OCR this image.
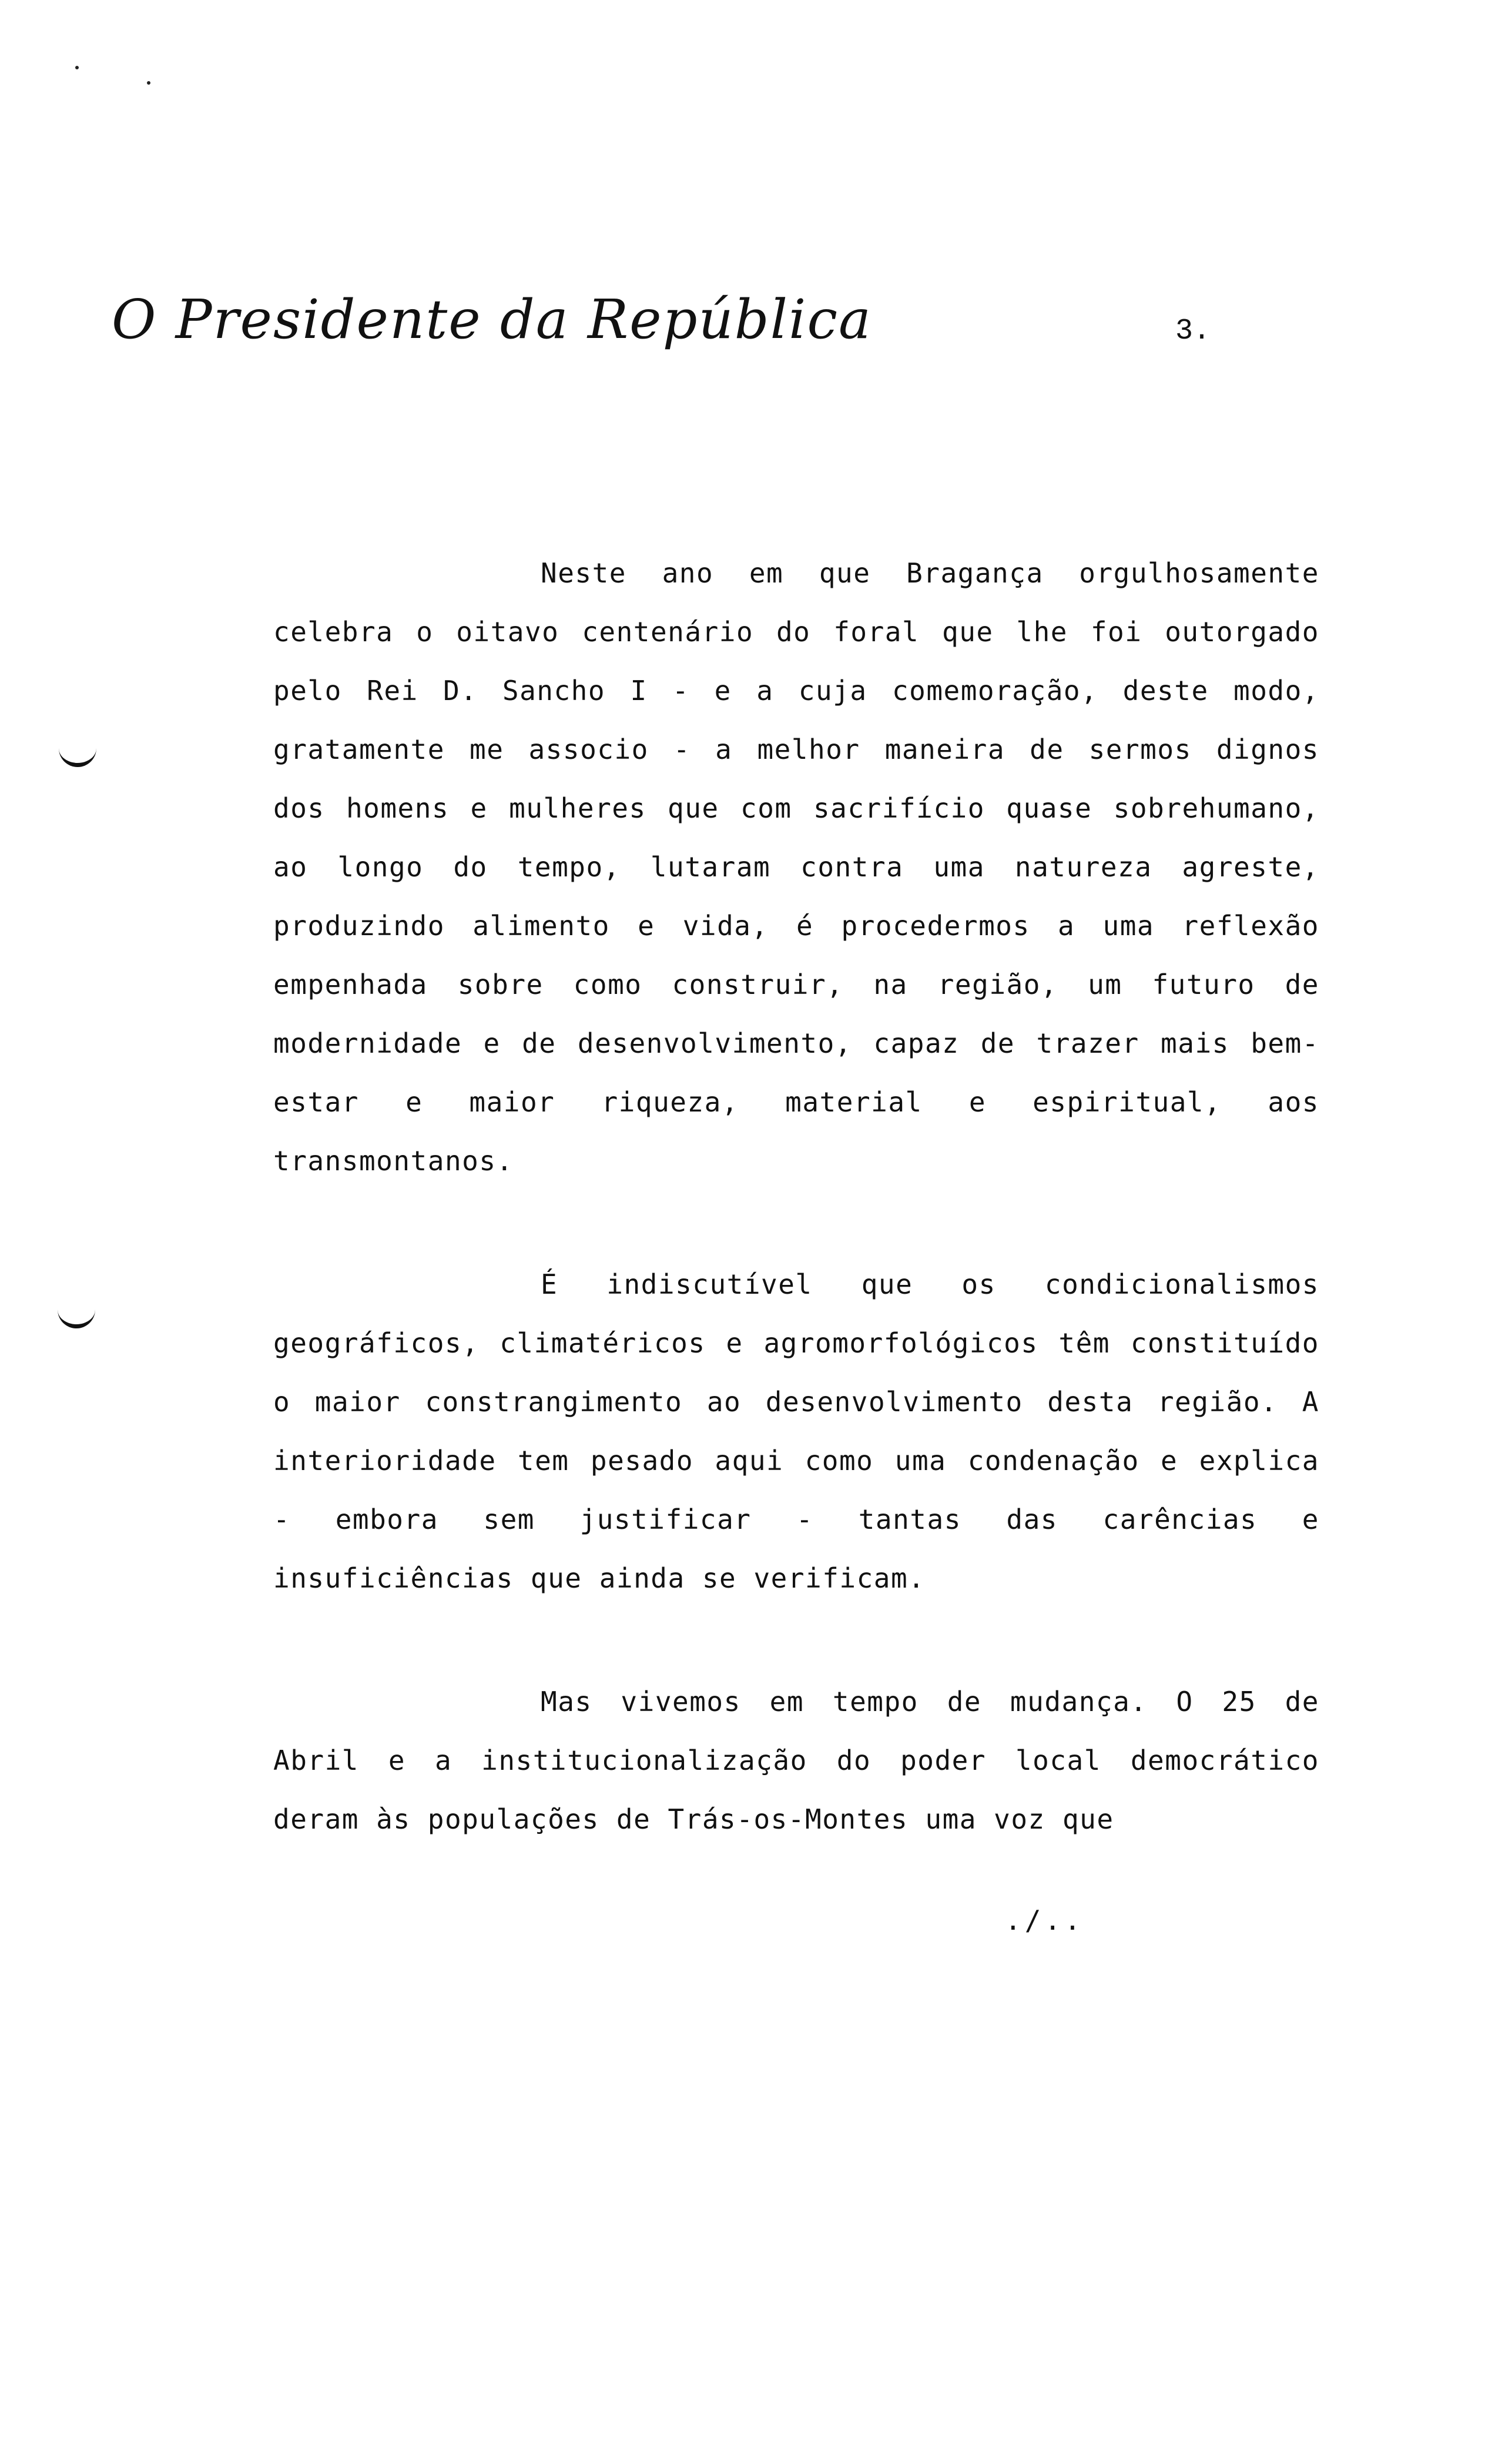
O Presidente da República	3.

Neste ano em que Bragança orgulhosamente celebra o oitavo centenário do foral que lhe foi outorgado pelo Rei D. Sancho I - e a cuja comemoração, deste modo, gratamente me associo - a melhor maneira de sermos dignos dos homens e mulheres que com sacrifício quase sobrehumano, ao longo do tempo, lutaram contra uma natureza agreste, produzindo alimento e vida, é procedermos a uma reflexão empenhada sobre como construir, na região, um futuro de modernidade e de desenvolvimento, capaz de trazer mais bem-estar e maior riqueza, material e espiritual, aos transmontanos.

É indiscutível que os condicionalismos geográficos, climatéricos e agromorfológicos têm constituído o maior constrangimento ao desenvolvimento desta região. A interioridade tem pesado aqui como uma condenação e explica - embora sem justificar - tantas das carências e insuficiências que ainda se verificam.

Mas vivemos em tempo de mudança. O 25 de Abril e a institucionalização do poder local democrático deram às populações de Trás-os-Montes uma voz que

./..
